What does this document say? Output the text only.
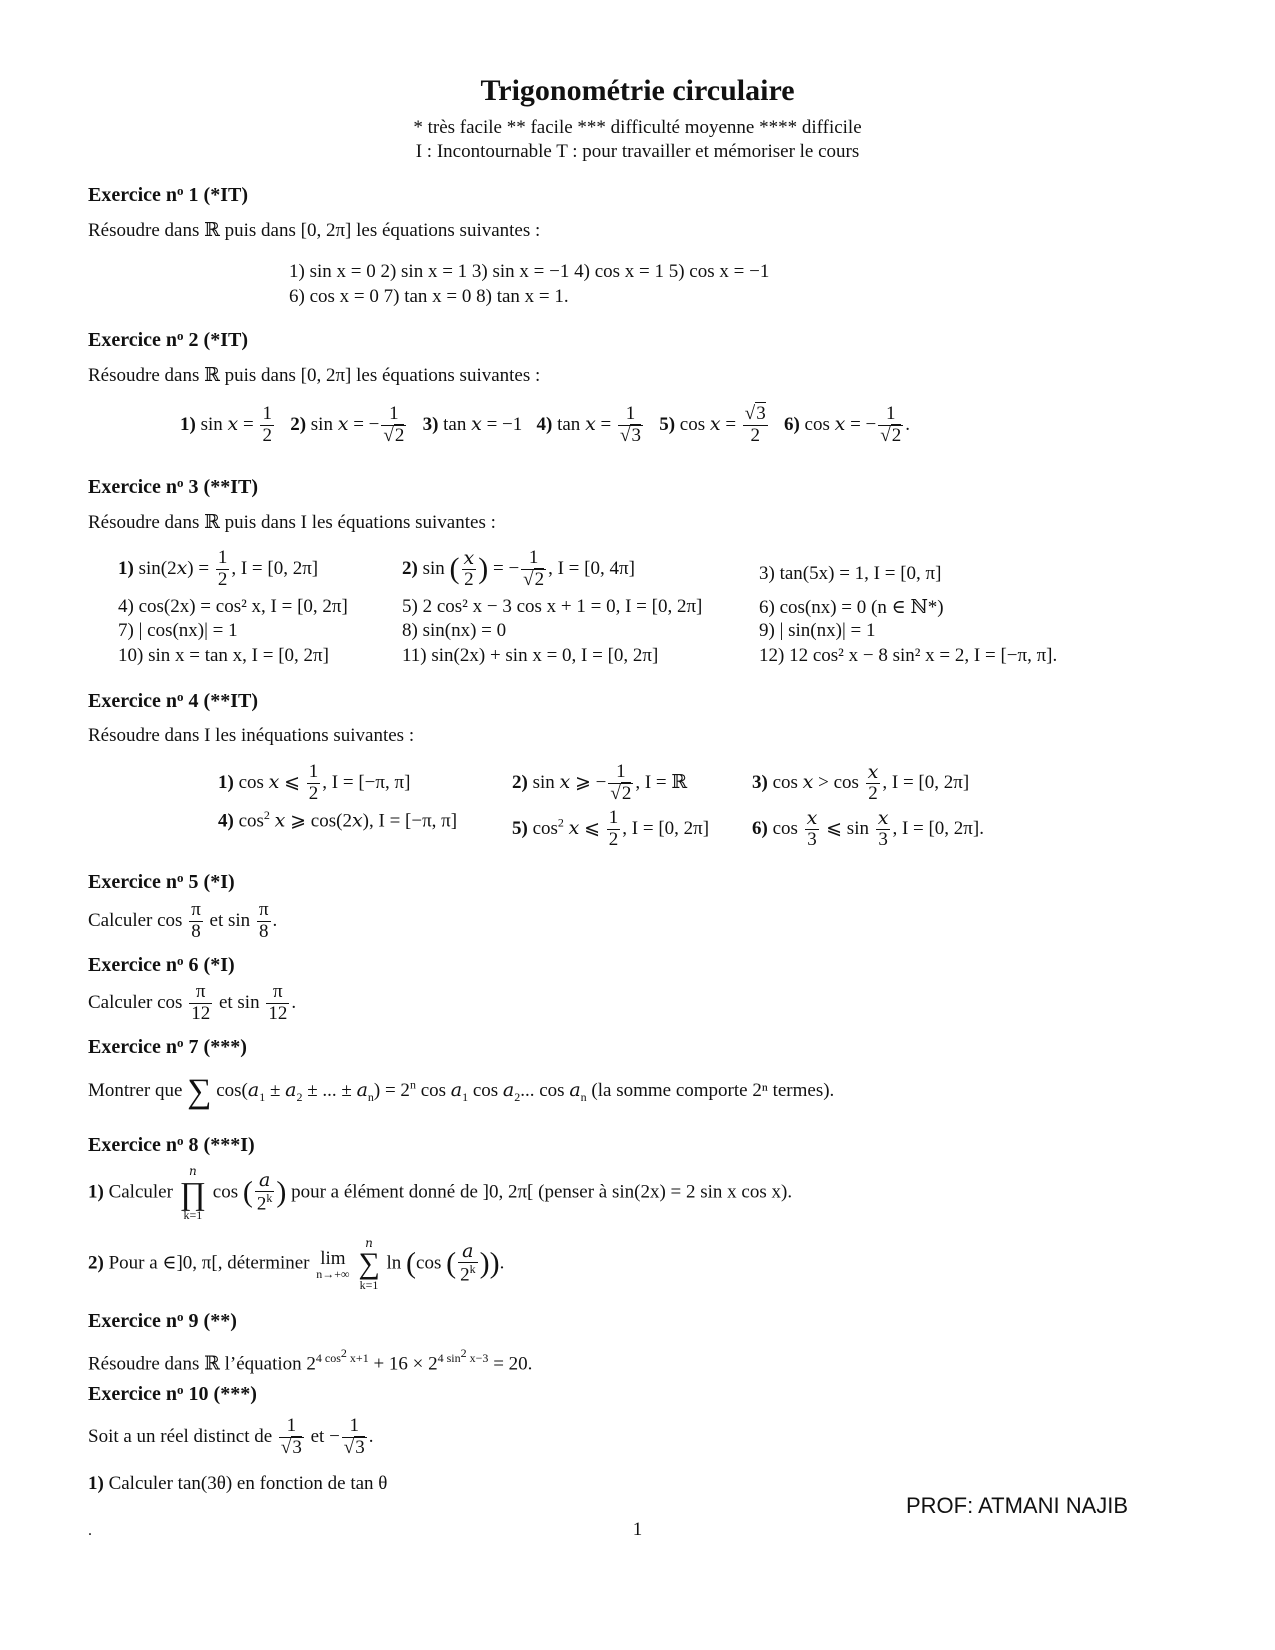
Trigonométrie circulaire
* très facile ** facile *** difficulté moyenne **** difficile
I : Incontournable T : pour travailler et mémoriser le cours
Exercice $n^o$ 1 (*IT)
Résoudre dans ℝ puis dans [0, 2π] les équations suivantes :
1) sin x = 0 2) sin x = 1 3) sin x = −1 4) cos x = 1 5) cos x = −1
6) cos x = 0 7) tan x = 0 8) tan x = 1.
Exercice $n^o$ 2 (*IT)
Résoudre dans ℝ puis dans [0, 2π] les équations suivantes :
1) $\sin x = \frac{1}{2} 2$) sin x = − $\frac{1}{√2} 3$) tan x = −1   4) $\tan x = \frac{1}{√3} 5$) $\cos x = \frac{√3}{2} 6$) cos x = − $\frac{1}{√2}$ .
Exercice $n^o$ 3 (**IT)
Résoudre dans ℝ puis dans I les équations suivantes :
1) $\sin(2x) = \frac{1}{2}$ , I = [0, 2π]	2) sin ( $\frac{x}{2}$ ) = − $\frac{1}{√2}$ , I = [0, 4π]	3) tan(5x) = 1, I = [0, π]
4) cos(2x) = cos² x, I = [0, 2π]	5) 2 cos² x − 3 cos x + 1 = 0, I = [0, 2π]	6) cos(nx) = 0 (n ∈ ℕ*)
7) | cos(nx)| = 1	8) sin(nx) = 0	9) | sin(nx)| = 1
10) sin x = tan x, I = [0, 2π]	11) sin(2x) + sin x = 0, I = [0, 2π]	12) 12 cos² x − 8 sin² x = 2, I = [−π, π].
Exercice $n^o$ 4 (**IT)
Résoudre dans I les inéquations suivantes :
1) cos x ⩽ $\frac{1}{2}$ , I = [−π, π]	2) sin x ⩾ − $\frac{1}{√2}$ , I = ℝ	3) $\cos x > \cos \frac{x}{2}$ , I = [0, 2π]
4) $\cos^2 x$ ⩾ cos(2x), I = [−π, π]	5) $\cos^2 x$ ⩽ $\frac{1}{2}$ , I = [0, 2π] 6) $\cos \frac{x}{3}$ ⩽ $\sin \frac{x}{3}$ , I = [0, 2π].
Exercice $n^o$ 5 (*I)
Calculer $\cos \frac{\pi}{8}$ et $\sin \frac{\pi}{8}$ .
Exercice $n^o$ 6 (*I)
Calculer $\cos \frac{\pi}{12}$ et $\sin \frac{\pi}{12}$ .
Exercice $n^o$ 7 (***)
Montrer que ∑ $\cos(a_1 \pm a_2$ ± ... ± $a_n) = 2^n$ $\cos a_1$ $\cos a_2$... $\cos a_n$ (la somme comporte 2ⁿ termes).
Exercice $n^o$ 8 (***I)
1) Calculer
n
∏
k=1
cos ( $\frac{a}{2^k}$ ) pour a élément donné de ]0, 2π[ (penser à sin(2x) = 2 sin x cos x).
2) Pour a ∈]0, π[, déterminer lim
n→+∞

n
∑
k=1
ln (cos ( $\frac{a}{2^k}$ )).
Exercice $n^o$ 9 (**)
Résoudre dans ℝ l’équation $2^{4 cos^2 x+1} + 16 \times 2^{4 sin^2 x-3} = 20$.
Exercice $n^o$ 10 (***)
Soit a un réel distinct de $\frac{1}{√3}$ et − $\frac{1}{√3}$ .
1) Calculer tan(3θ) en fonction de tan θ
PROF: ATMANI NAJIB
.	1
